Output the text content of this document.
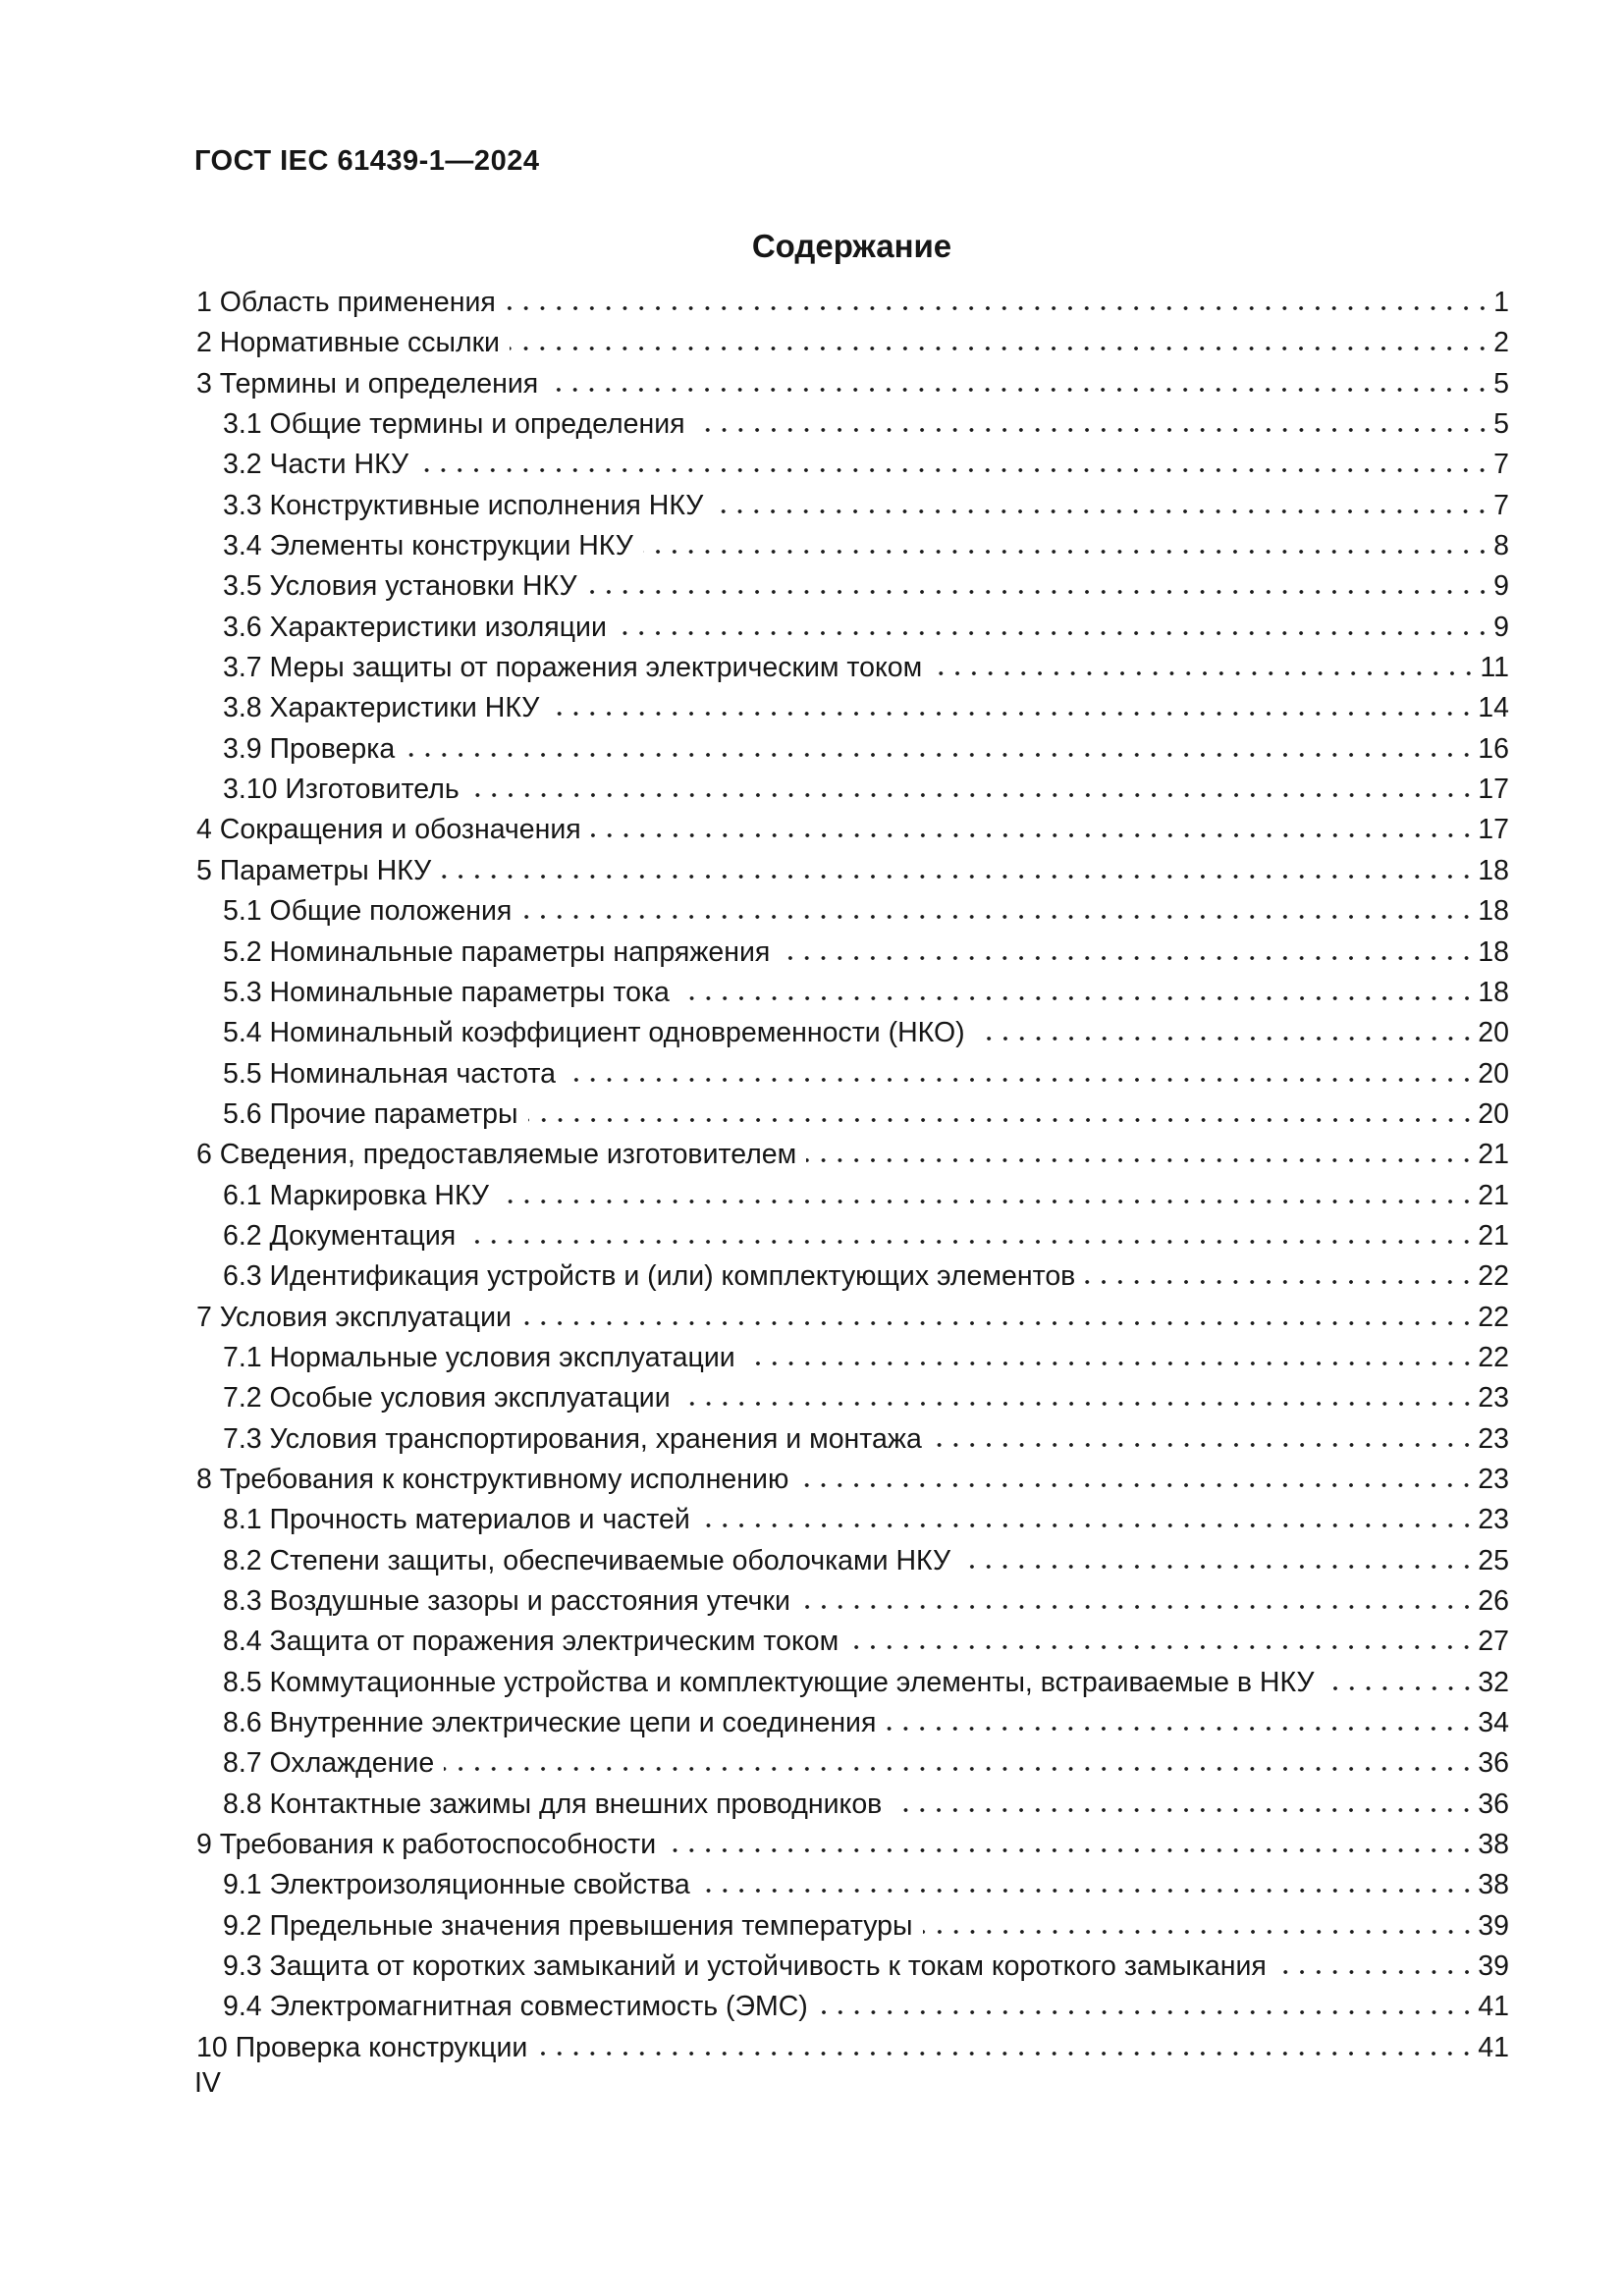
ГОСТ IEC 61439-1—2024
Содержание
1 Область применения	1
2 Нормативные ссылки	2
3 Термины и определения	5
3.1 Общие термины и определения	5
3.2 Части НКУ	7
3.3 Конструктивные исполнения НКУ	7
3.4 Элементы конструкции НКУ	8
3.5 Условия установки НКУ	9
3.6 Характеристики изоляции	9
3.7 Меры защиты от поражения электрическим током	11
3.8 Характеристики НКУ	14
3.9 Проверка	16
3.10 Изготовитель	17
4 Сокращения и обозначения	17
5 Параметры НКУ	18
5.1 Общие положения	18
5.2 Номинальные параметры напряжения	18
5.3 Номинальные параметры тока	18
5.4 Номинальный коэффициент одновременности (НКО)	20
5.5 Номинальная частота	20
5.6 Прочие параметры	20
6 Сведения, предоставляемые изготовителем	21
6.1 Маркировка НКУ	21
6.2 Документация	21
6.3 Идентификация устройств и (или) комплектующих элементов	22
7 Условия эксплуатации	22
7.1 Нормальные условия эксплуатации	22
7.2 Особые условия эксплуатации	23
7.3 Условия транспортирования, хранения и монтажа	23
8 Требования к конструктивному исполнению	23
8.1 Прочность материалов и частей	23
8.2 Степени защиты, обеспечиваемые оболочками НКУ	25
8.3 Воздушные зазоры и расстояния утечки	26
8.4 Защита от поражения электрическим током	27
8.5 Коммутационные устройства и комплектующие элементы, встраиваемые в НКУ	32
8.6 Внутренние электрические цепи и соединения	34
8.7 Охлаждение	36
8.8 Контактные зажимы для внешних проводников	36
9 Требования к работоспособности	38
9.1 Электроизоляционные свойства	38
9.2 Предельные значения превышения температуры	39
9.3 Защита от коротких замыканий и устойчивость к токам короткого замыкания	39
9.4 Электромагнитная совместимость (ЭМС)	41
10 Проверка конструкции	41
IV
